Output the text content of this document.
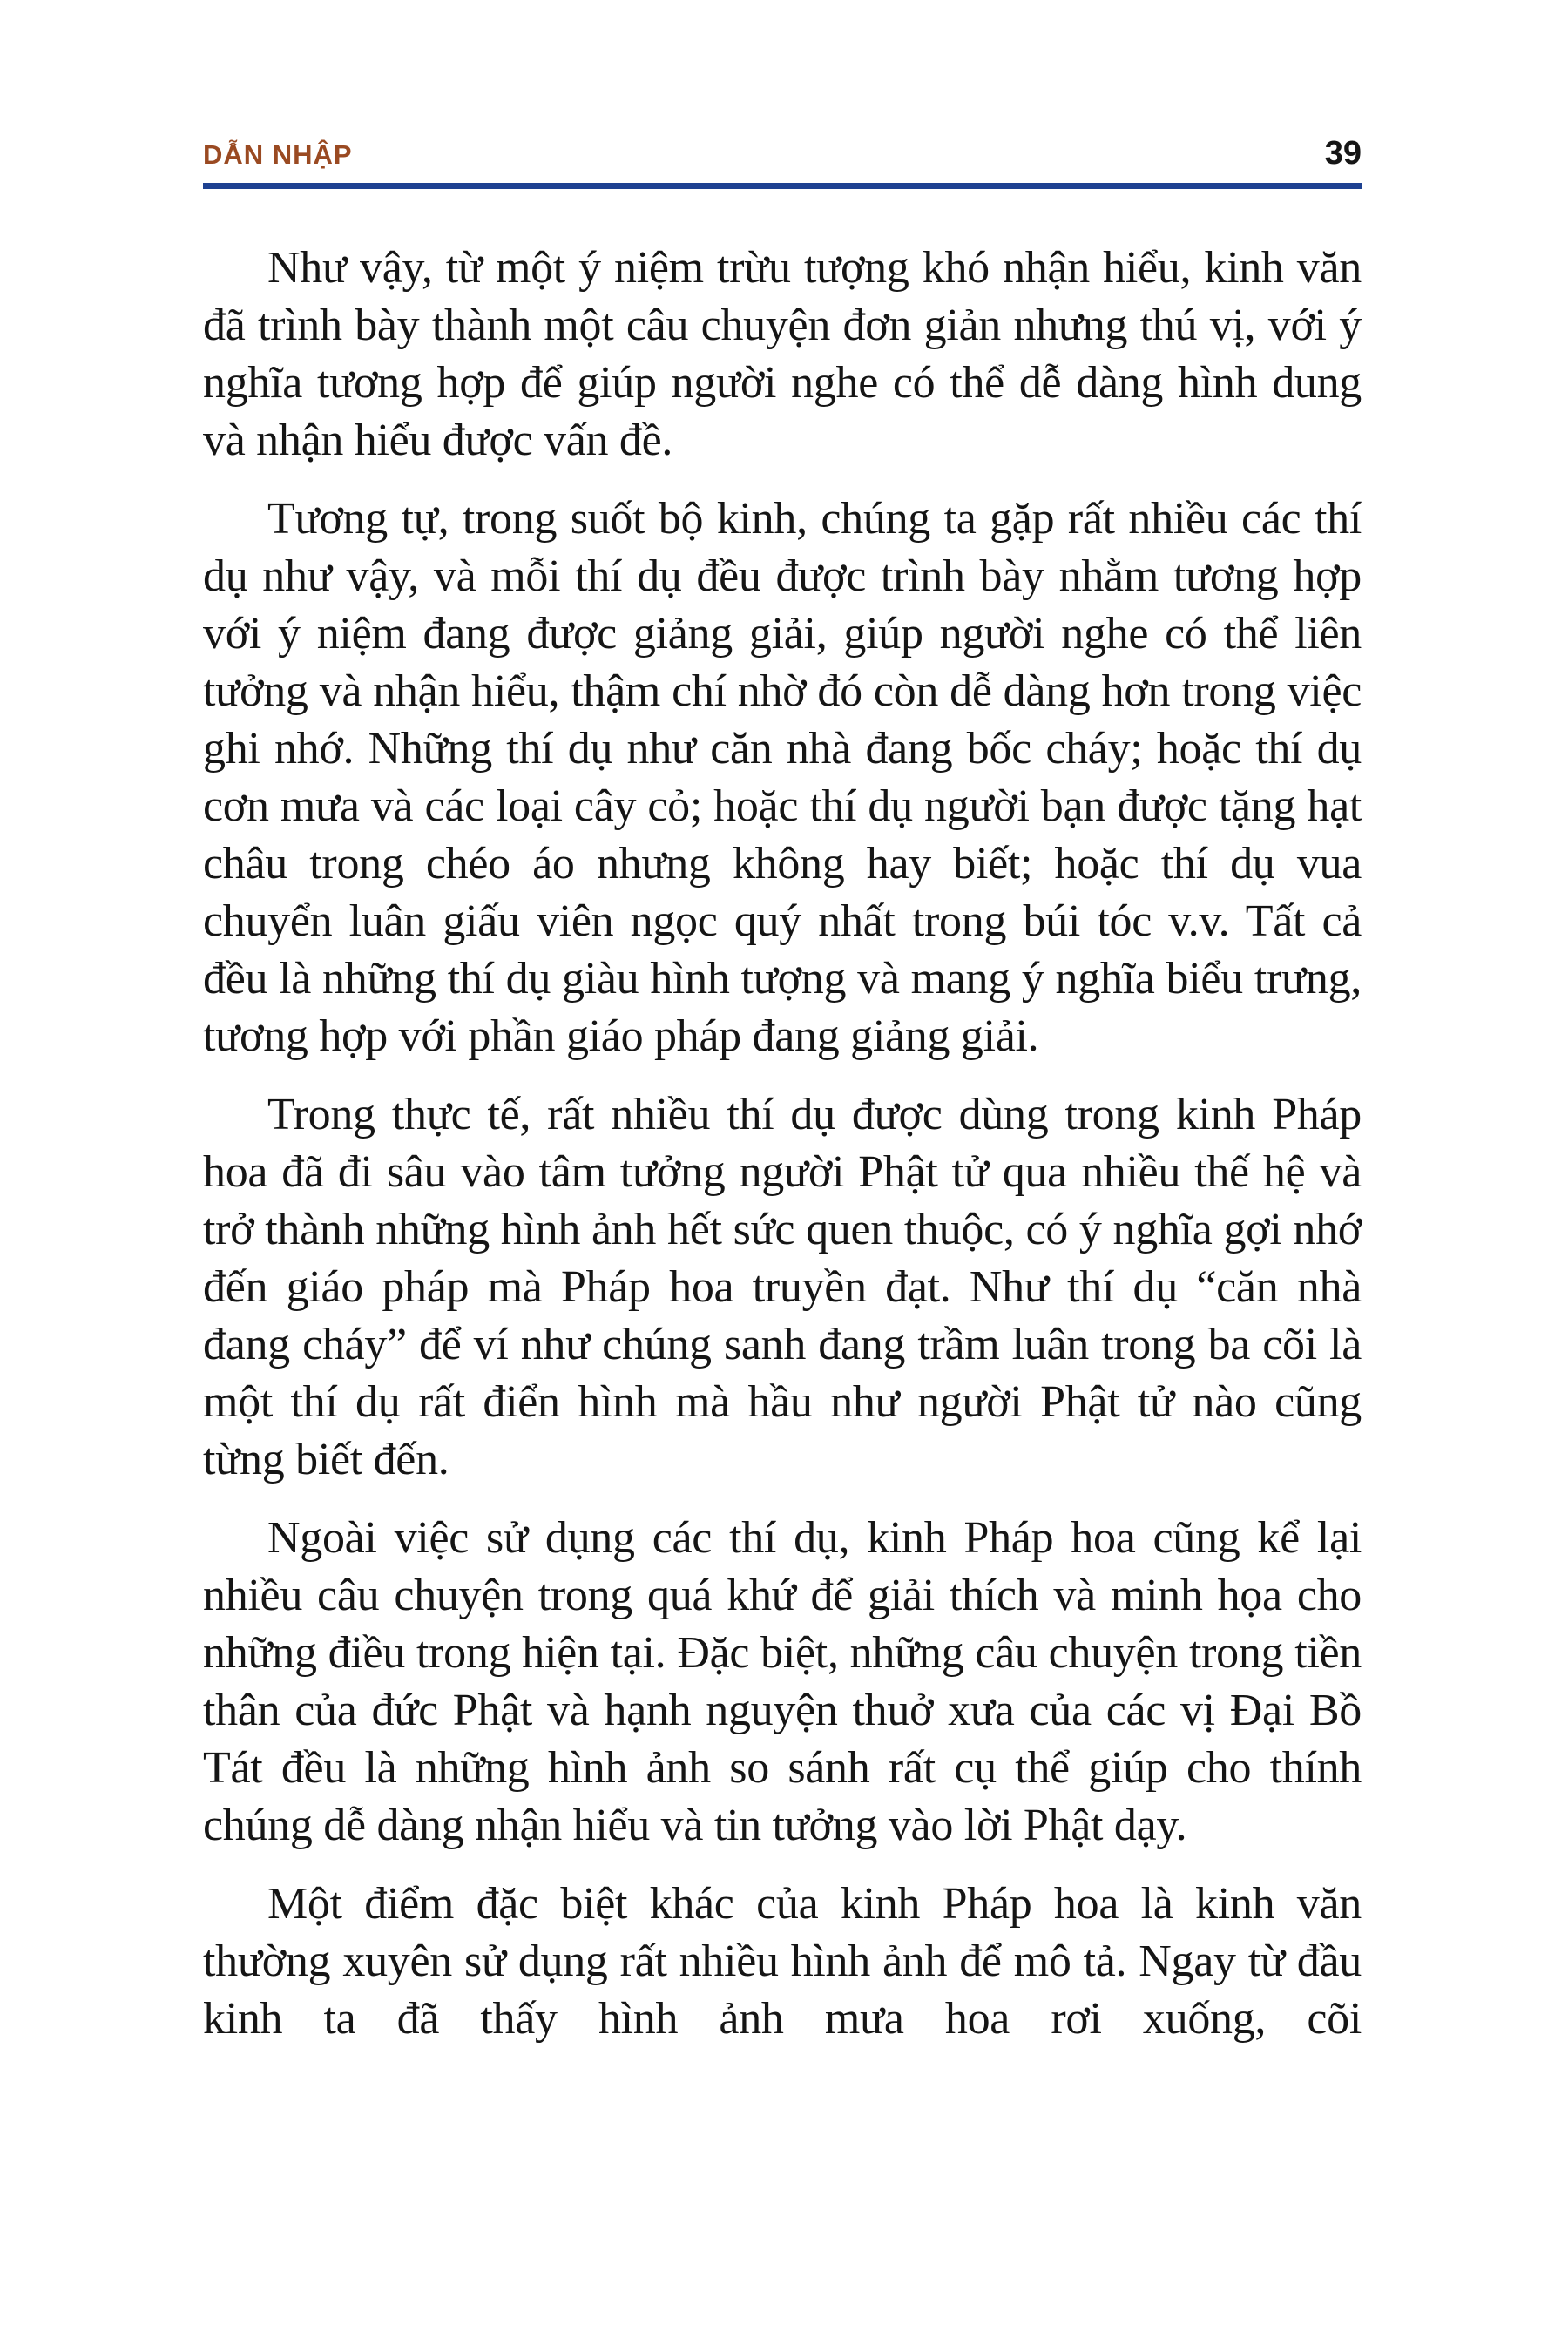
DẪN NHẬP	39

Như vậy, từ một ý niệm trừu tượng khó nhận hiểu, kinh văn đã trình bày thành một câu chuyện đơn giản nhưng thú vị, với ý nghĩa tương hợp để giúp người nghe có thể dễ dàng hình dung và nhận hiểu được vấn đề.

Tương tự, trong suốt bộ kinh, chúng ta gặp rất nhiều các thí dụ như vậy, và mỗi thí dụ đều được trình bày nhằm tương hợp với ý niệm đang được giảng giải, giúp người nghe có thể liên tưởng và nhận hiểu, thậm chí nhờ đó còn dễ dàng hơn trong việc ghi nhớ. Những thí dụ như căn nhà đang bốc cháy; hoặc thí dụ cơn mưa và các loại cây cỏ; hoặc thí dụ người bạn được tặng hạt châu trong chéo áo nhưng không hay biết; hoặc thí dụ vua chuyển luân giấu viên ngọc quý nhất trong búi tóc v.v. Tất cả đều là những thí dụ giàu hình tượng và mang ý nghĩa biểu trưng, tương hợp với phần giáo pháp đang giảng giải.

Trong thực tế, rất nhiều thí dụ được dùng trong kinh Pháp hoa đã đi sâu vào tâm tưởng người Phật tử qua nhiều thế hệ và trở thành những hình ảnh hết sức quen thuộc, có ý nghĩa gợi nhớ đến giáo pháp mà Pháp hoa truyền đạt. Như thí dụ “căn nhà đang cháy” để ví như chúng sanh đang trầm luân trong ba cõi là một thí dụ rất điển hình mà hầu như người Phật tử nào cũng từng biết đến.

Ngoài việc sử dụng các thí dụ, kinh Pháp hoa cũng kể lại nhiều câu chuyện trong quá khứ để giải thích và minh họa cho những điều trong hiện tại. Đặc biệt, những câu chuyện trong tiền thân của đức Phật và hạnh nguyện thuở xưa của các vị Đại Bồ Tát đều là những hình ảnh so sánh rất cụ thể giúp cho thính chúng dễ dàng nhận hiểu và tin tưởng vào lời Phật dạy.

Một điểm đặc biệt khác của kinh Pháp hoa là kinh văn thường xuyên sử dụng rất nhiều hình ảnh để mô tả. Ngay từ đầu kinh ta đã thấy hình ảnh mưa hoa rơi xuống, cõi
